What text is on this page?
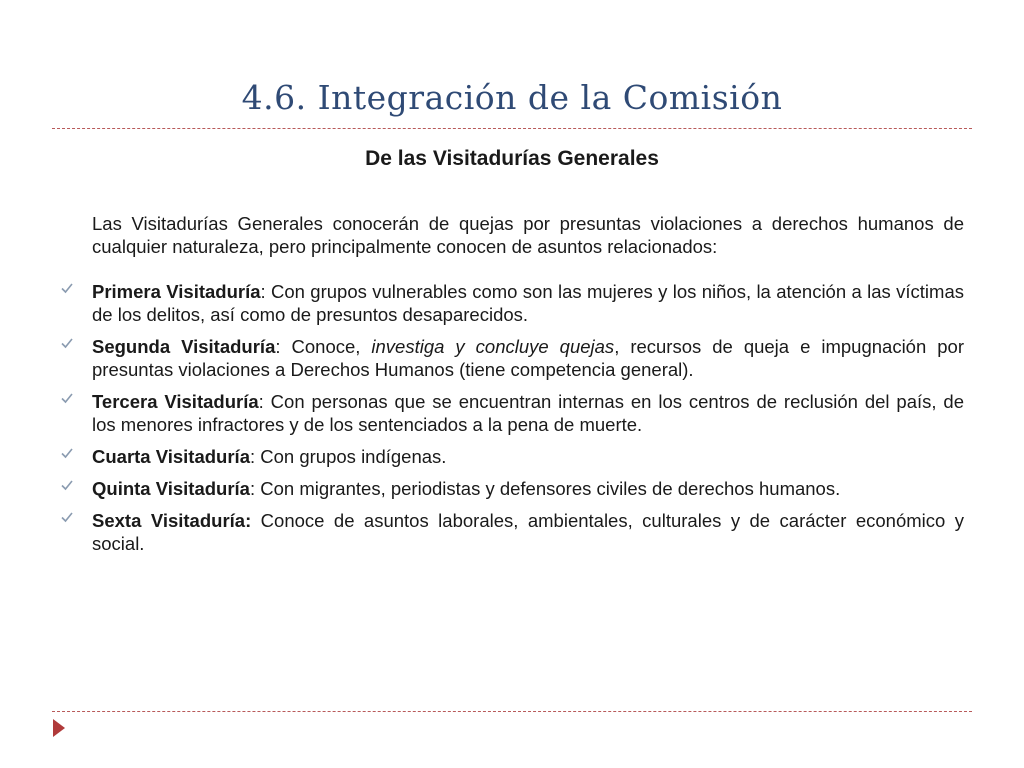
4.6. Integración de la Comisión
De las Visitadurías Generales

Las Visitadurías Generales conocerán de quejas por presuntas violaciones a derechos humanos de cualquier naturaleza, pero principalmente conocen de asuntos relacionados:

Primera Visitaduría: Con grupos vulnerables como son las mujeres y los niños, la atención a las víctimas de los delitos, así como de presuntos desaparecidos.
Segunda Visitaduría: Conoce, investiga y concluye quejas, recursos de queja e impugnación por presuntas violaciones a Derechos Humanos (tiene competencia general).
Tercera Visitaduría: Con personas que se encuentran internas en los centros de reclusión del país, de los menores infractores y de los sentenciados a la pena de muerte.
Cuarta Visitaduría: Con grupos indígenas.
Quinta Visitaduría: Con migrantes, periodistas y defensores civiles de derechos humanos.
Sexta Visitaduría: Conoce de asuntos laborales, ambientales, culturales y de carácter económico y social.
